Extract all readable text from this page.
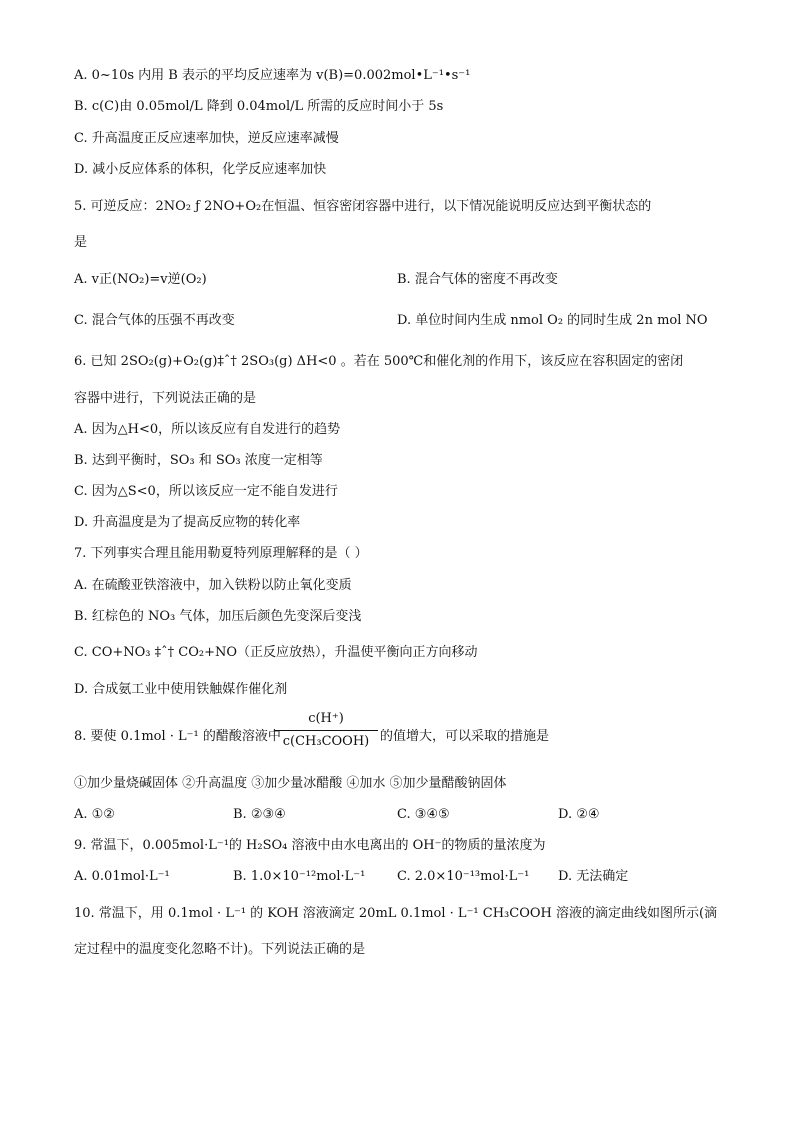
A. 0~10s 内用 B 表示的平均反应速率为 v(B)=0.002mol•L⁻¹•s⁻¹
B. c(C)由 0.05mol/L 降到 0.04mol/L 所需的反应时间小于 5s
C. 升高温度正反应速率加快，逆反应速率减慢
D. 减小反应体系的体积，化学反应速率加快
5. 可逆反应：2NO₂ ƒ 2NO+O₂在恒温、恒容密闭容器中进行，以下情况能说明反应达到平衡状态的
是
A. v正(NO₂)=v逆(O₂)	B. 混合气体的密度不再改变
C. 混合气体的压强不再改变	D. 单位时间内生成 nmol O₂ 的同时生成 2n mol NO
6. 已知 2SO₂(g)+O₂(g)‡ˆ† 2SO₃(g) ΔH<0 。若在 500℃和催化剂的作用下，该反应在容积固定的密闭
容器中进行，下列说法正确的是
A. 因为△H<0，所以该反应有自发进行的趋势
B. 达到平衡时，SO₃ 和 SO₃ 浓度一定相等
C. 因为△S<0，所以该反应一定不能自发进行
D. 升高温度是为了提高反应物的转化率
7. 下列事实合理且能用勒夏特列原理解释的是（ ）
A. 在硫酸亚铁溶液中，加入铁粉以防止氧化变质
B. 红棕色的 NO₃ 气体，加压后颜色先变深后变浅
C. CO+NO₃ ‡ˆ† CO₂+NO（正反应放热），升温使平衡向正方向移动
D. 合成氨工业中使用铁触媒作催化剂
8. 要使 0.1mol · L⁻¹ 的醋酸溶液中
c(H⁺)
c(CH₃COOH) 的值增大，可以采取的措施是
①加少量烧碱固体 ②升高温度 ③加少量冰醋酸 ④加水 ⑤加少量醋酸钠固体
A. ①②	B. ②③④	C. ③④⑤	D. ②④
9. 常温下，0.005mol·L⁻¹的 H₂SO₄ 溶液中由水电离出的 OH⁻的物质的量浓度为
A. 0.01mol·L⁻¹	B. 1.0×10⁻¹²mol·L⁻¹ C. 2.0×10⁻¹³mol·L⁻¹ D. 无法确定
10. 常温下，用 0.1mol · L⁻¹ 的 KOH 溶液滴定 20mL 0.1mol · L⁻¹ CH₃COOH 溶液的滴定曲线如图所示(滴
定过程中的温度变化忽略不计)。下列说法正确的是
